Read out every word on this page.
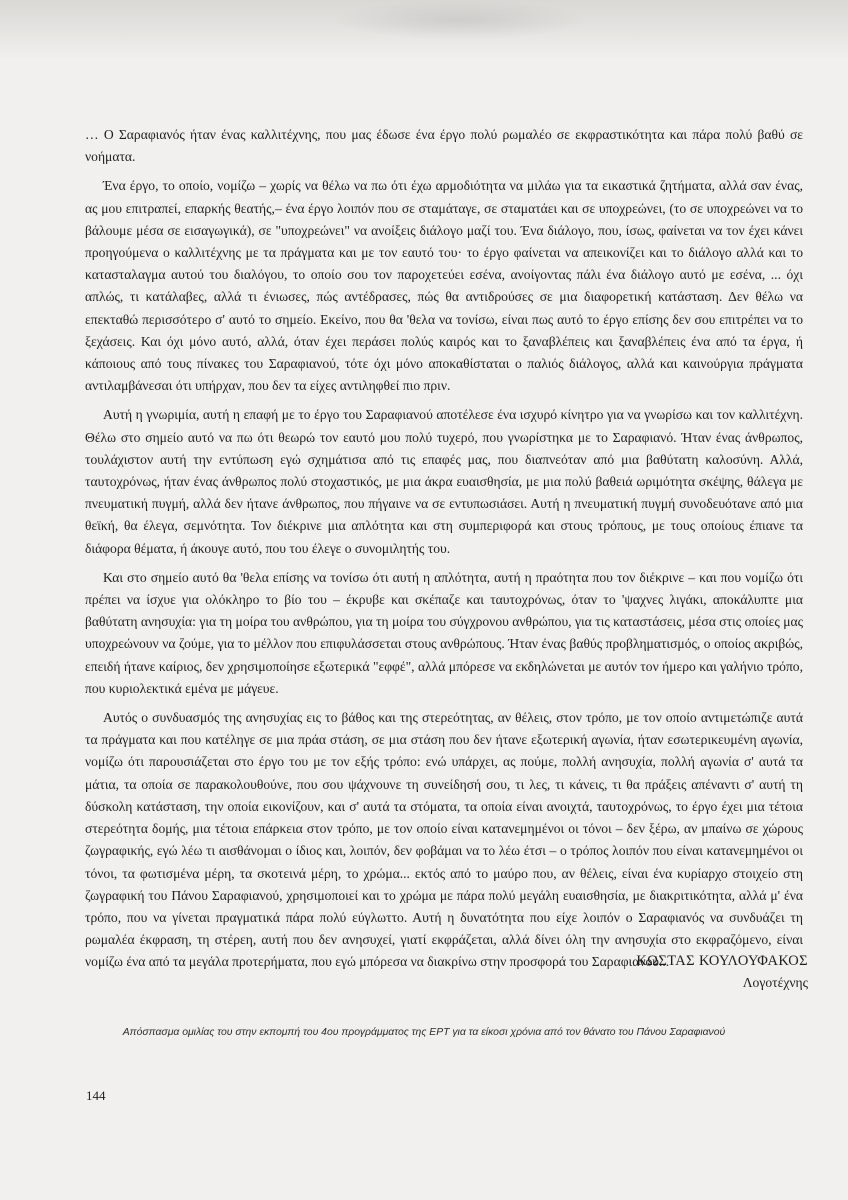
… Ο Σαραφιανός ήταν ένας καλλιτέχνης, που μας έδωσε ένα έργο πολύ ρωμαλέο σε εκφραστικότητα και πάρα πολύ βαθύ σε νοήματα.

Ένα έργο, το οποίο, νομίζω – χωρίς να θέλω να πω ότι έχω αρμοδιότητα να μιλάω για τα εικαστικά ζητήματα, αλλά σαν ένας, ας μου επιτραπεί, επαρκής θεατής,– ένα έργο λοιπόν που σε σταμάταγε, σε σταματάει και σε υποχρεώνει, (το σε υποχρεώνει να το βάλουμε μέσα σε εισαγωγικά), σε "υποχρεώνει" να ανοίξεις διάλογο μαζί του. Ένα διάλογο, που, ίσως, φαίνεται να τον έχει κάνει προηγούμενα ο καλλιτέχνης με τα πράγματα και με τον εαυτό του· το έργο φαίνεται να απεικονίζει και το διάλογο αλλά και το κατασταλαγμα αυτού του διαλόγου, το οποίο σου τον παροχετεύει εσένα, ανοίγοντας πάλι ένα διάλογο αυτό με εσένα, ... όχι απλώς, τι κατάλαβες, αλλά τι ένιωσες, πώς αντέδρασες, πώς θα αντιδρούσες σε μια διαφορετική κατάσταση. Δεν θέλω να επεκταθώ περισσότερο σ' αυτό το σημείο. Εκείνο, που θα 'θελα να τονίσω, είναι πως αυτό το έργο επίσης δεν σου επιτρέπει να το ξεχάσεις. Και όχι μόνο αυτό, αλλά, όταν έχει περάσει πολύς καιρός και το ξαναβλέπεις και ξαναβλέπεις ένα από τα έργα, ή κάποιους από τους πίνακες του Σαραφιανού, τότε όχι μόνο αποκαθίσταται ο παλιός διάλογος, αλλά και καινούργια πράγματα αντιλαμβάνεσαι ότι υπήρχαν, που δεν τα είχες αντιληφθεί πιο πριν.

Αυτή η γνωριμία, αυτή η επαφή με το έργο του Σαραφιανού αποτέλεσε ένα ισχυρό κίνητρο για να γνωρίσω και τον καλλιτέχνη. Θέλω στο σημείο αυτό να πω ότι θεωρώ τον εαυτό μου πολύ τυχερό, που γνωρίστηκα με το Σαραφιανό. Ήταν ένας άνθρωπος, τουλάχιστον αυτή την εντύπωση εγώ σχημάτισα από τις επαφές μας, που διαπνεόταν από μια βαθύτατη καλοσύνη. Αλλά, ταυτοχρόνως, ήταν ένας άνθρωπος πολύ στοχαστικός, με μια άκρα ευαισθησία, με μια πολύ βαθειά ωριμότητα σκέψης, θάλεγα με πνευματική πυγμή, αλλά δεν ήτανε άνθρωπος, που πήγαινε να σε εντυπωσιάσει. Αυτή η πνευματική πυγμή συνοδευότανε από μια θεϊκή, θα έλεγα, σεμνότητα. Τον διέκρινε μια απλότητα και στη συμπεριφορά και στους τρόπους, με τους οποίους έπιανε τα διάφορα θέματα, ή άκουγε αυτό, που του έλεγε ο συνομιλητής του.

Και στο σημείο αυτό θα 'θελα επίσης να τονίσω ότι αυτή η απλότητα, αυτή η πραότητα που τον διέκρινε – και που νομίζω ότι πρέπει να ίσχυε για ολόκληρο το βίο του – έκρυβε και σκέπαζε και ταυτοχρόνως, όταν το 'ψαχνες λιγάκι, αποκάλυπτε μια βαθύτατη ανησυχία: για τη μοίρα του ανθρώπου, για τη μοίρα του σύγχρονου ανθρώπου, για τις καταστάσεις, μέσα στις οποίες μας υποχρεώνουν να ζούμε, για το μέλλον που επιφυλάσσεται στους ανθρώπους. Ήταν ένας βαθύς προβληματισμός, ο οποίος ακριβώς, επειδή ήτανε καίριος, δεν χρησιμοποίησε εξωτερικά "εφφέ", αλλά μπόρεσε να εκδηλώνεται με αυτόν τον ήμερο και γαλήνιο τρόπο, που κυριολεκτικά εμένα με μάγευε.

Αυτός ο συνδυασμός της ανησυχίας εις το βάθος και της στερεότητας, αν θέλεις, στον τρόπο, με τον οποίο αντιμετώπιζε αυτά τα πράγματα και που κατέληγε σε μια πράα στάση, σε μια στάση που δεν ήτανε εξωτερική αγωνία, ήταν εσωτερικευμένη αγωνία, νομίζω ότι παρουσιάζεται στο έργο του με τον εξής τρόπο: ενώ υπάρχει, ας πούμε, πολλή ανησυχία, πολλή αγωνία σ' αυτά τα μάτια, τα οποία σε παρακολουθούνε, που σου ψάχνουνε τη συνείδησή σου, τι λες, τι κάνεις, τι θα πράξεις απέναντι σ' αυτή τη δύσκολη κατάσταση, την οποία εικονίζουν, και σ' αυτά τα στόματα, τα οποία είναι ανοιχτά, ταυτοχρόνως, το έργο έχει μια τέτοια στερεότητα δομής, μια τέτοια επάρκεια στον τρόπο, με τον οποίο είναι κατανεμημένοι οι τόνοι – δεν ξέρω, αν μπαίνω σε χώρους ζωγραφικής, εγώ λέω τι αισθάνομαι ο ίδιος και, λοιπόν, δεν φοβάμαι να το λέω έτσι – ο τρόπος λοιπόν που είναι κατανεμημένοι οι τόνοι, τα φωτισμένα μέρη, τα σκοτεινά μέρη, το χρώμα... εκτός από το μαύρο που, αν θέλεις, είναι ένα κυρίαρχο στοιχείο στη ζωγραφική του Πάνου Σαραφιανού, χρησιμοποιεί και το χρώμα με πάρα πολύ μεγάλη ευαισθησία, με διακριτικότητα, αλλά μ' ένα τρόπο, που να γίνεται πραγματικά πάρα πολύ εύγλωττο. Αυτή η δυνατότητα που είχε λοιπόν ο Σαραφιανός να συνδυάζει τη ρωμαλέα έκφραση, τη στέρεη, αυτή που δεν ανησυχεί, γιατί εκφράζεται, αλλά δίνει όλη την ανησυχία στο εκφραζόμενο, είναι νομίζω ένα από τα μεγάλα προτερήματα, που εγώ μπόρεσα να διακρίνω στην προσφορά του Σαραφιανού...

ΚΩΣΤΑΣ ΚΟΥΛΟΥΦΑΚΟΣ
Λογοτέχνης
Απόσπασμα ομιλίας του στην εκπομπή του 4ου προγράμματος της ΕΡΤ για τα είκοσι χρόνια από τον θάνατο του Πάνου Σαραφιανού
144
